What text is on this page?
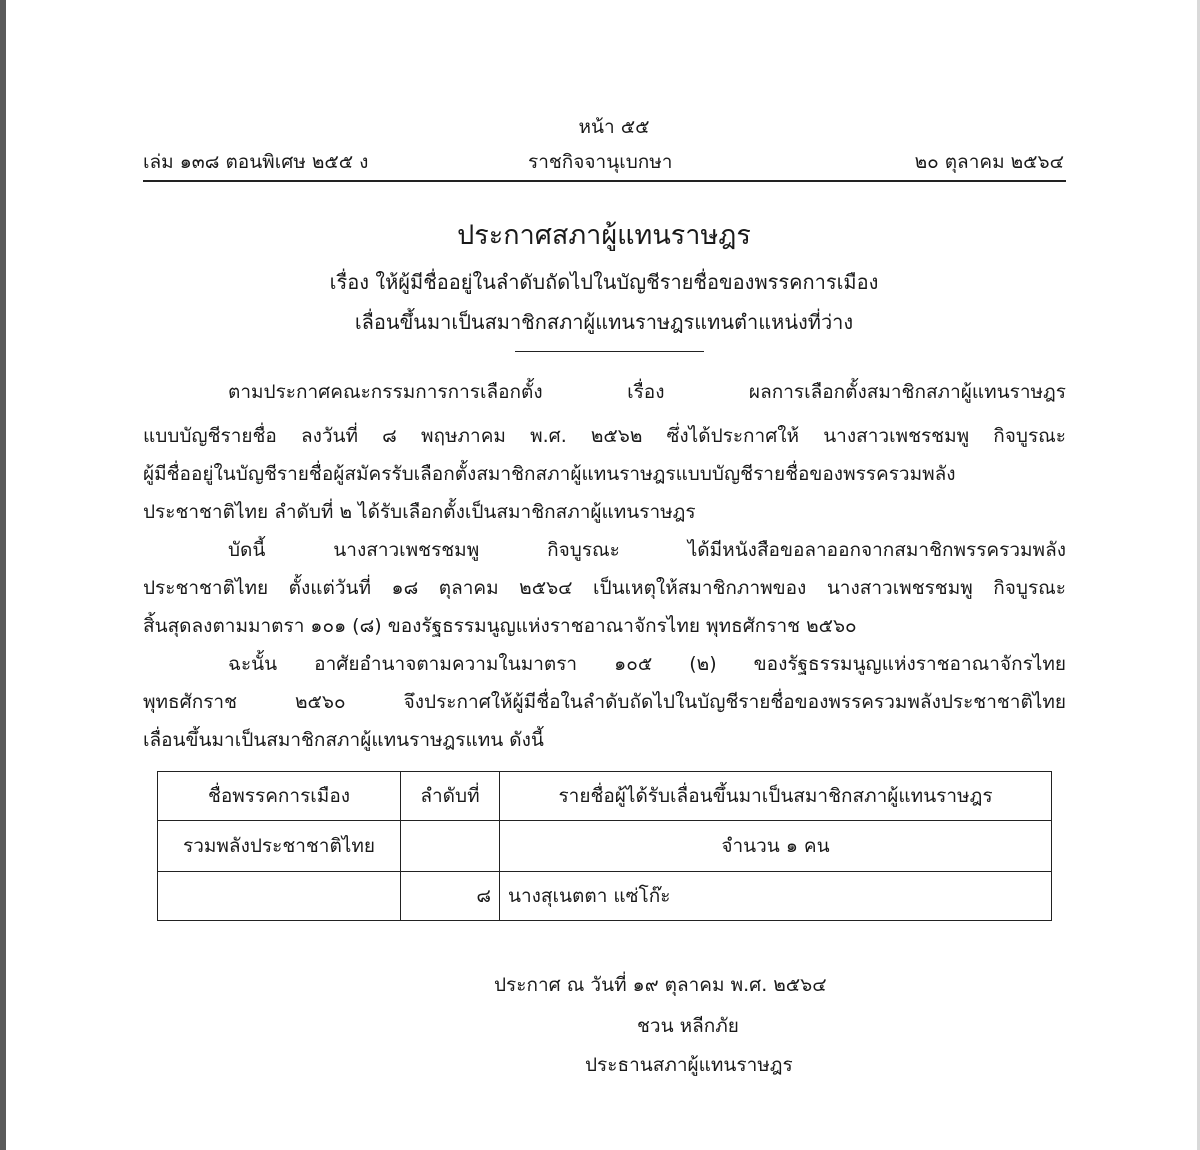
หน้า ๕๕
เล่ม ๑๓๘ ตอนพิเศษ ๒๕๕ ง	ราชกิจจานุเบกษา	๒๐ ตุลาคม ๒๕๖๔
ประกาศสภาผู้แทนราษฎร
เรื่อง ให้ผู้มีชื่ออยู่ในลำดับถัดไปในบัญชีรายชื่อของพรรคการเมือง
เลื่อนขึ้นมาเป็นสมาชิกสภาผู้แทนราษฎรแทนตำแหน่งที่ว่าง
ตามประกาศคณะกรรมการการเลือกตั้ง เรื่อง ผลการเลือกตั้งสมาชิกสภาผู้แทนราษฎร
แบบบัญชีรายชื่อ ลงวันที่ ๘ พฤษภาคม พ.ศ. ๒๕๖๒ ซึ่งได้ประกาศให้ นางสาวเพชรชมพู กิจบูรณะ
ผู้มีชื่ออยู่ในบัญชีรายชื่อผู้สมัครรับเลือกตั้งสมาชิกสภาผู้แทนราษฎรแบบบัญชีรายชื่อของพรรครวมพลัง
ประชาชาติไทย ลำดับที่ ๒ ได้รับเลือกตั้งเป็นสมาชิกสภาผู้แทนราษฎร
บัดนี้ นางสาวเพชรชมพู กิจบูรณะ ได้มีหนังสือขอลาออกจากสมาชิกพรรครวมพลัง
ประชาชาติไทย ตั้งแต่วันที่ ๑๘ ตุลาคม ๒๕๖๔ เป็นเหตุให้สมาชิกภาพของ นางสาวเพชรชมพู กิจบูรณะ
สิ้นสุดลงตามมาตรา ๑๐๑ (๘) ของรัฐธรรมนูญแห่งราชอาณาจักรไทย พุทธศักราช ๒๕๖๐
ฉะนั้น อาศัยอำนาจตามความในมาตรา ๑๐๕ (๒) ของรัฐธรรมนูญแห่งราชอาณาจักรไทย
พุทธศักราช ๒๕๖๐ จึงประกาศให้ผู้มีชื่อในลำดับถัดไปในบัญชีรายชื่อของพรรครวมพลังประชาชาติไทย
เลื่อนขึ้นมาเป็นสมาชิกสภาผู้แทนราษฎรแทน ดังนี้
ชื่อพรรคการเมือง	ลำดับที่	รายชื่อผู้ได้รับเลื่อนขึ้นมาเป็นสมาชิกสภาผู้แทนราษฎร
รวมพลังประชาชาติไทย		จำนวน ๑ คน
	๘	นางสุเนตตา แซ่โก๊ะ
ประกาศ ณ วันที่ ๑๙ ตุลาคม พ.ศ. ๒๕๖๔
ชวน หลีกภัย
ประธานสภาผู้แทนราษฎร
